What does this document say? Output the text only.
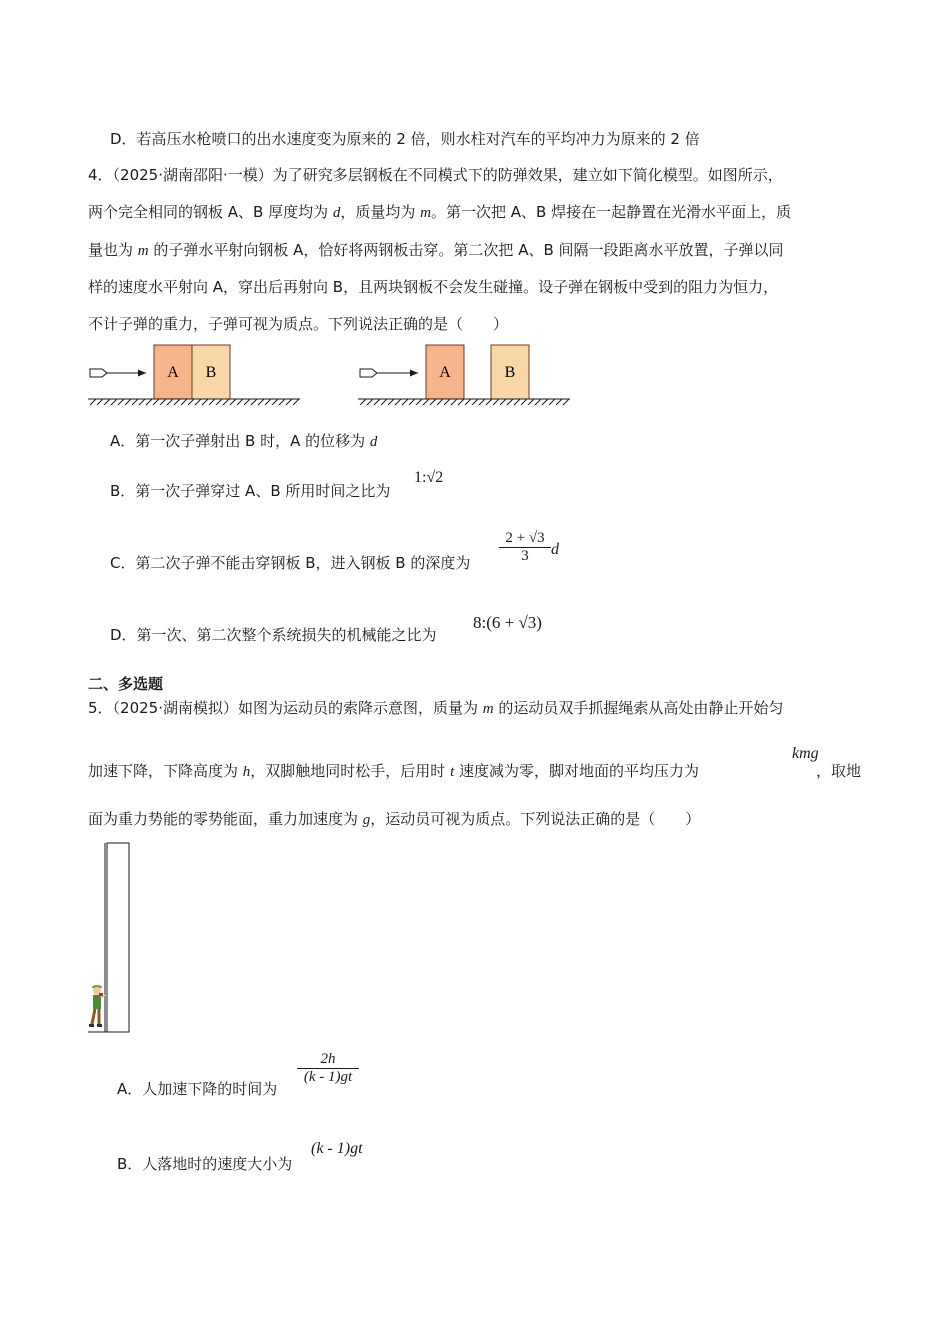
D．若高压水枪喷口的出水速度变为原来的 2 倍，则水柱对汽车的平均冲力为原来的 2 倍
4．（2025·湖南邵阳·一模）为了研究多层钢板在不同模式下的防弹效果，建立如下简化模型。如图所示，
两个完全相同的钢板 A、B 厚度均为 d，质量均为 m。第一次把 A、B 焊接在一起静置在光滑水平面上，质
量也为 m 的子弹水平射向钢板 A，恰好将两钢板击穿。第二次把 A、B 间隔一段距离水平放置，子弹以同
样的速度水平射向 A，穿出后再射向 B，且两块钢板不会发生碰撞。设子弹在钢板中受到的阻力为恒力，
不计子弹的重力，子弹可视为质点。下列说法正确的是（　　）
A B	A	B
A．第一次子弹射出 B 时，A 的位移为 d
B．第一次子弹穿过 A、B 所用时间之比为
1:√2
C．第二次子弹不能击穿钢板 B，进入钢板 B 的深度为
2 + √3
3	d
D．第一次、第二次整个系统损失的机械能之比为
8:(6 + √3)
二、多选题
5．（2025·湖南模拟）如图为运动员的索降示意图，质量为 m 的运动员双手抓握绳索从高处由静止开始匀
加速下降，下降高度为 h，双脚触地同时松手，后用时 t 速度减为零，脚对地面的平均压力为
kmg
，取地
面为重力势能的零势能面，重力加速度为 g，运动员可视为质点。下列说法正确的是（　　）
A．人加速下降的时间为
2h
(k - 1)gt
B．人落地时的速度大小为
(k - 1)gt
